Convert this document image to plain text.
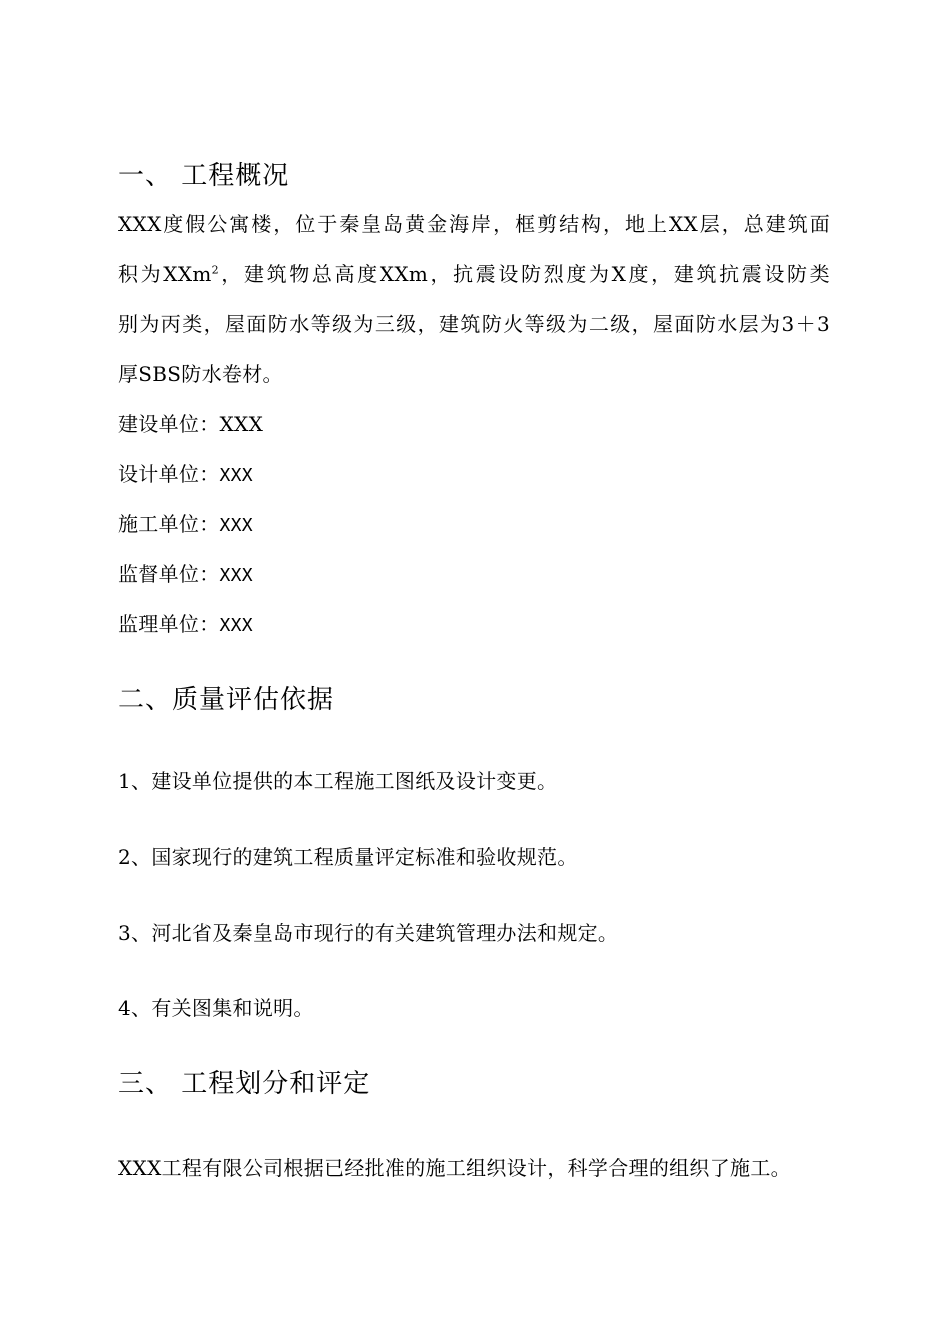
一、 工程概况
XXX度假公寓楼，位于秦皇岛黄金海岸，框剪结构，地上XX层，总建筑面
积为XXm$^2$，建筑物总高度XXm，抗震设防烈度为X度，建筑抗震设防类
别为丙类，屋面防水等级为三级，建筑防火等级为二级，屋面防水层为3＋3
厚SBS防水卷材。
建设单位：XXX
设计单位：XXX
施工单位：XXX
监督单位：XXX
监理单位：XXX
二、质量评估依据
1、建设单位提供的本工程施工图纸及设计变更。
2、国家现行的建筑工程质量评定标准和验收规范。
3、河北省及秦皇岛市现行的有关建筑管理办法和规定。
4、有关图集和说明。
三、 工程划分和评定
XXX工程有限公司根据已经批准的施工组织设计，科学合理的组织了施工。
